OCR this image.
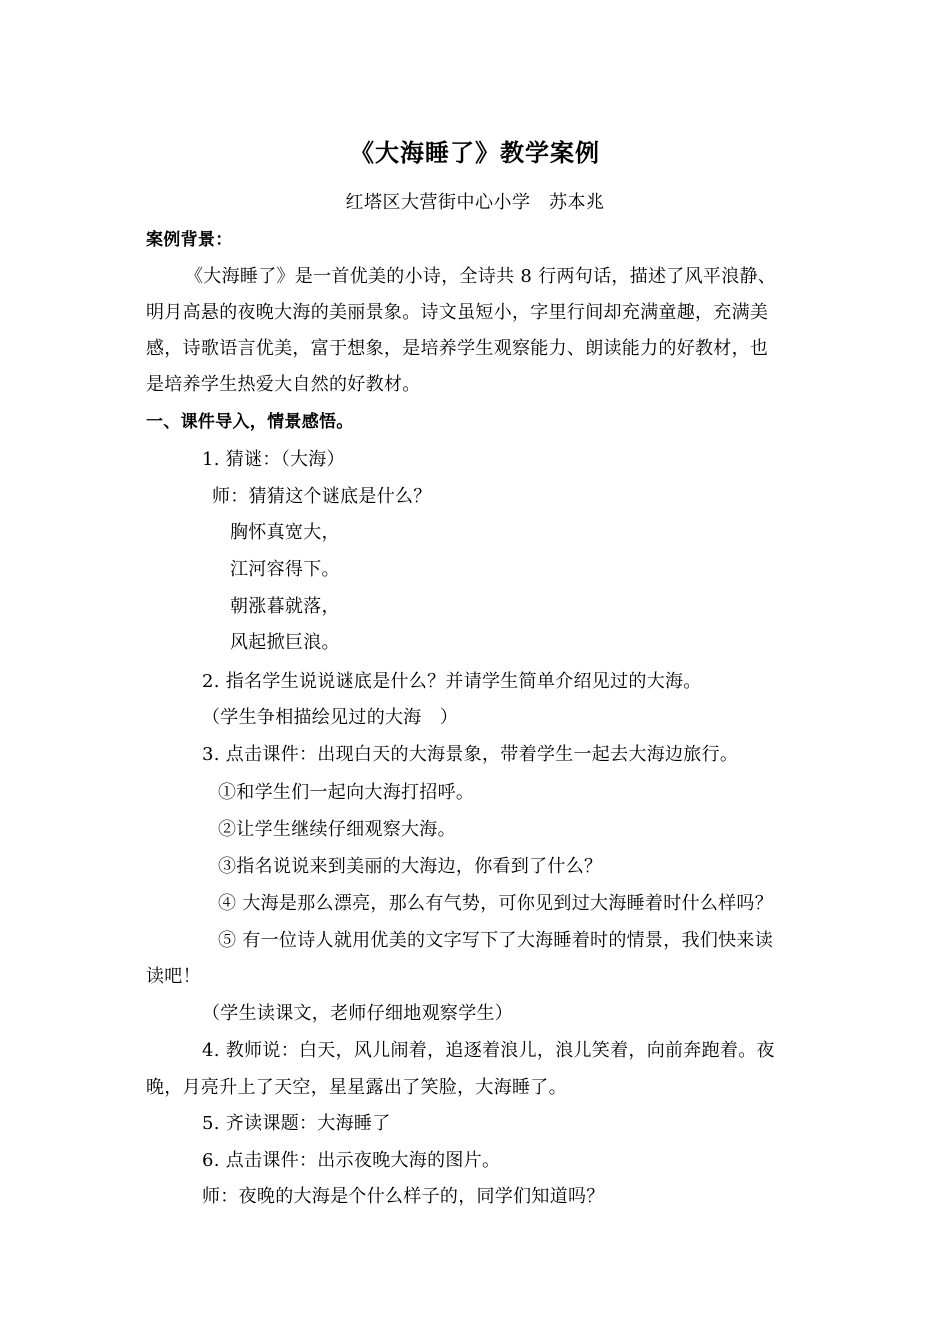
《大海睡了》教学案例
红塔区大营街中心小学　苏本兆
案例背景：
《大海睡了》是一首优美的小诗，全诗共 8 行两句话，描述了风平浪静、
明月高悬的夜晚大海的美丽景象。诗文虽短小，字里行间却充满童趣，充满美
感，诗歌语言优美，富于想象，是培养学生观察能力、朗读能力的好教材，也
是培养学生热爱大自然的好教材。
一、课件导入，情景感悟。
1. 猜谜：（大海）
师：猜猜这个谜底是什么？
胸怀真宽大，
江河容得下。
朝涨暮就落，
风起掀巨浪。
2. 指名学生说说谜底是什么？并请学生简单介绍见过的大海。
（学生争相描绘见过的大海　）
3. 点击课件：出现白天的大海景象，带着学生一起去大海边旅行。
①和学生们一起向大海打招呼。
②让学生继续仔细观察大海。
③指名说说来到美丽的大海边，你看到了什么？
④ 大海是那么漂亮，那么有气势，可你见到过大海睡着时什么样吗？
⑤ 有一位诗人就用优美的文字写下了大海睡着时的情景，我们快来读
读吧！
（学生读课文，老师仔细地观察学生）
4. 教师说：白天，风儿闹着，追逐着浪儿，浪儿笑着，向前奔跑着。夜
晚，月亮升上了天空，星星露出了笑脸，大海睡了。
5. 齐读课题：大海睡了
6. 点击课件：出示夜晚大海的图片。
师：夜晚的大海是个什么样子的，同学们知道吗？
